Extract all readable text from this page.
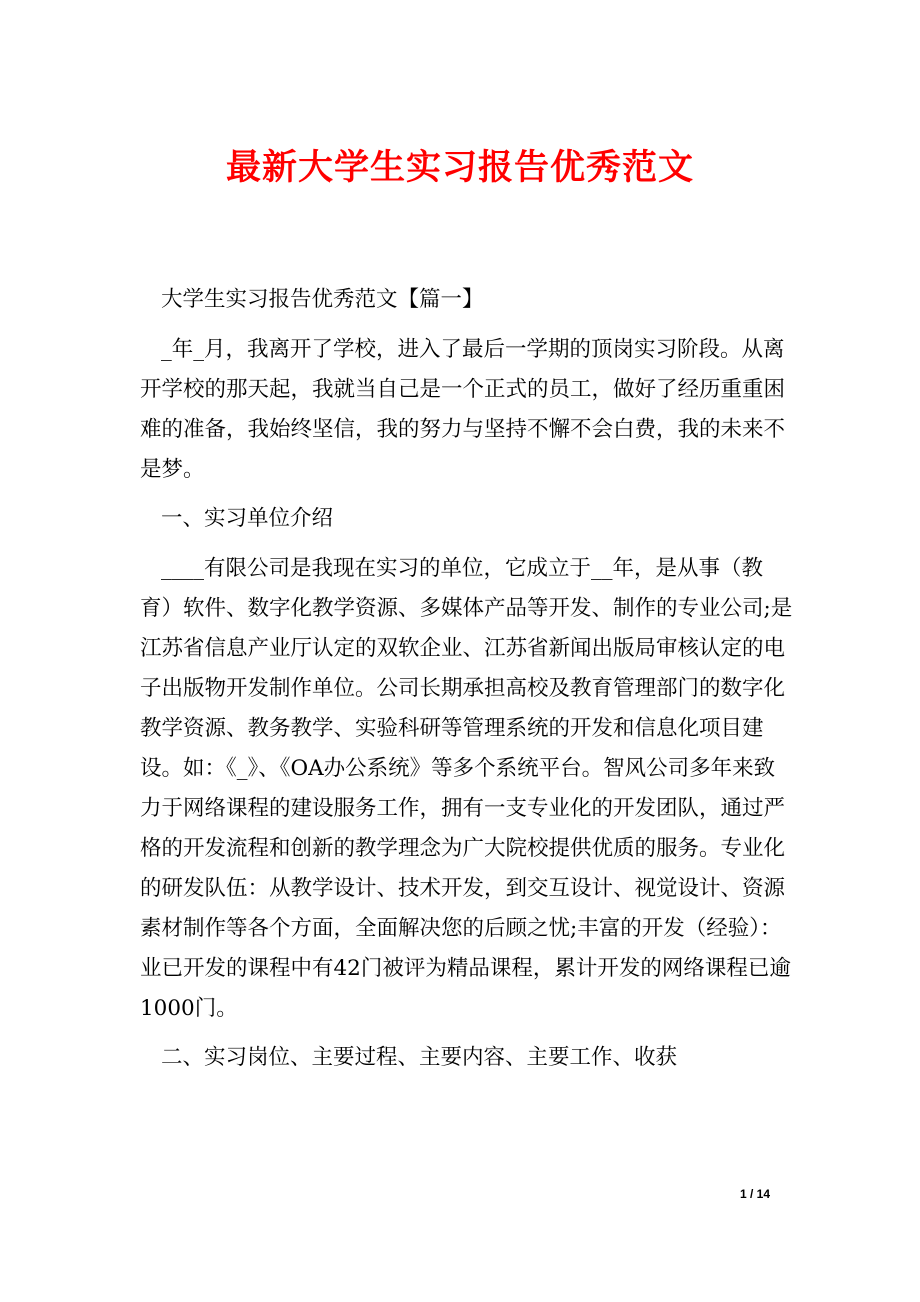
最新大学生实习报告优秀范文

大学生实习报告优秀范文【篇一】

_年_月，我离开了学校，进入了最后一学期的顶岗实习阶段。从离开学校的那天起，我就当自己是一个正式的员工，做好了经历重重困难的准备，我始终坚信，我的努力与坚持不懈不会白费，我的未来不是梦。

一、实习单位介绍

____有限公司是我现在实习的单位，它成立于__年，是从事（教育）软件、数字化教学资源、多媒体产品等开发、制作的专业公司;是江苏省信息产业厅认定的双软企业、江苏省新闻出版局审核认定的电子出版物开发制作单位。公司长期承担高校及教育管理部门的数字化教学资源、教务教学、实验科研等管理系统的开发和信息化项目建设。如：《_》、《OA办公系统》等多个系统平台。智风公司多年来致力于网络课程的建设服务工作，拥有一支专业化的开发团队，通过严格的开发流程和创新的教学理念为广大院校提供优质的服务。专业化的研发队伍：从教学设计、技术开发，到交互设计、视觉设计、资源素材制作等各个方面，全面解决您的后顾之忧;丰富的开发（经验）：业已开发的课程中有42门被评为精品课程，累计开发的网络课程已逾1000门。

二、实习岗位、主要过程、主要内容、主要工作、收获

1 / 14
